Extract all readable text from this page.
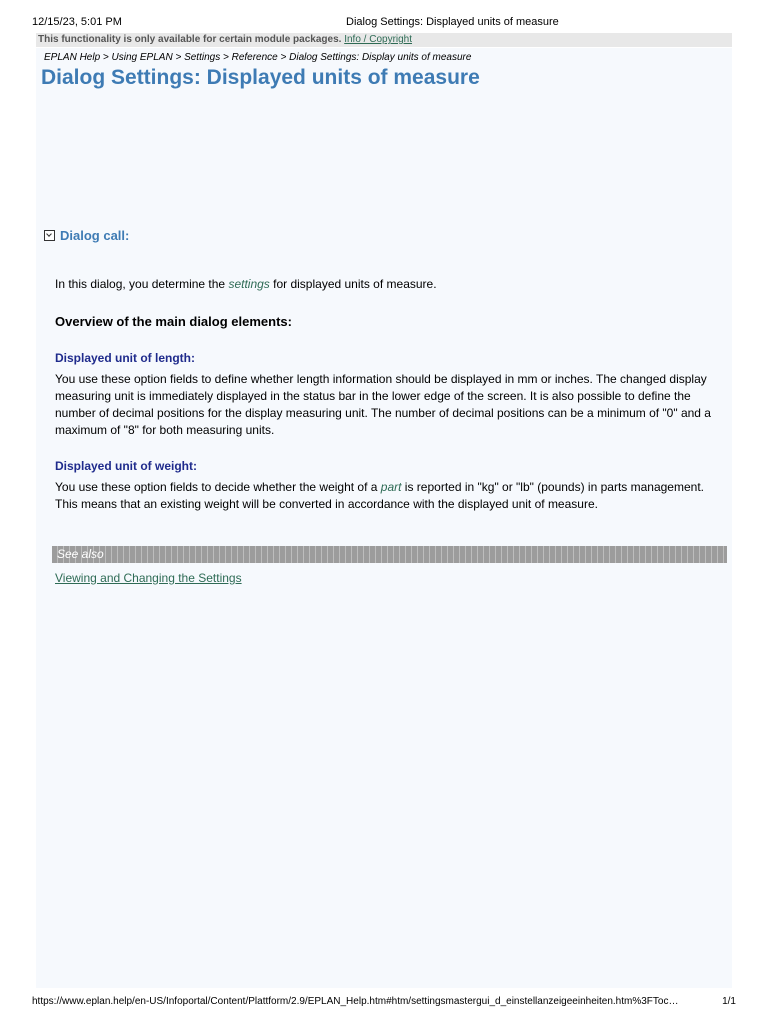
12/15/23, 5:01 PM	Dialog Settings: Displayed units of measure
This functionality is only available for certain module packages. Info / Copyright
EPLAN Help > Using EPLAN > Settings > Reference > Dialog Settings: Display units of measure
Dialog Settings: Displayed units of measure
Dialog call:
In this dialog, you determine the settings for displayed units of measure.
Overview of the main dialog elements:
Displayed unit of length:

You use these option fields to define whether length information should be displayed in mm or inches. The changed display measuring unit is immediately displayed in the status bar in the lower edge of the screen. It is also possible to define the number of decimal positions for the display measuring unit. The number of decimal positions can be a minimum of "0" and a maximum of "8" for both measuring units.

Displayed unit of weight:

You use these option fields to decide whether the weight of a part is reported in "kg" or "lb" (pounds) in parts management. This means that an existing weight will be converted in accordance with the displayed unit of measure.

See also
Viewing and Changing the Settings
https://www.eplan.help/en-US/Infoportal/Content/Plattform/2.9/EPLAN_Help.htm#htm/settingsmastergui_d_einstellanzeigeeinheiten.htm%3FToc…	1/1
